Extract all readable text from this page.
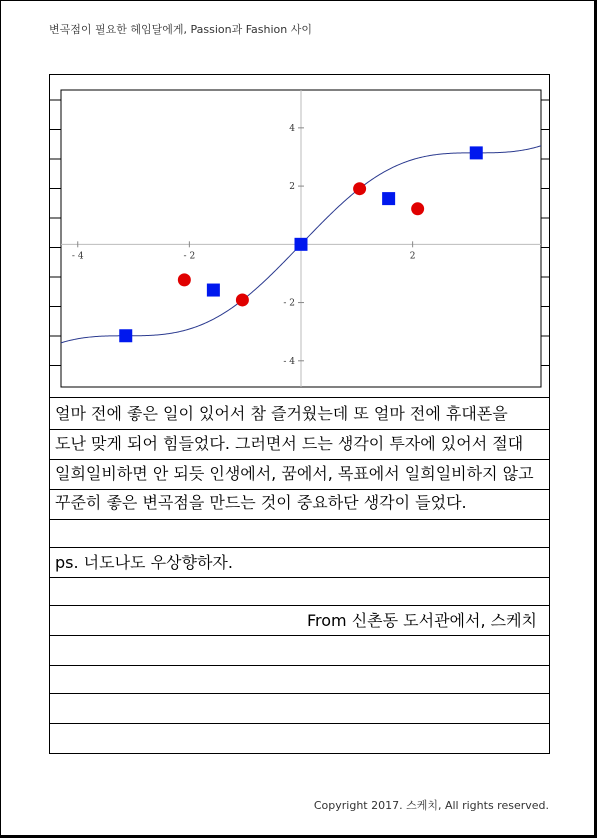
변곡점이 필요한 헤임달에게, Passion과 Fashion 사이
- 4	- 2	2
4
2
- 2
- 4
얼마 전에 좋은 일이 있어서 참 즐거웠는데 또 얼마 전에 휴대폰을
도난 맞게 되어 힘들었다. 그러면서 드는 생각이 투자에 있어서 절대
일희일비하면 안 되듯 인생에서, 꿈에서, 목표에서 일희일비하지 않고
꾸준히 좋은 변곡점을 만드는 것이 중요하단 생각이 들었다.
ps. 너도나도 우상향하자.
From 신촌동 도서관에서, 스케치
Copyright 2017. 스케치, All rights reserved.
